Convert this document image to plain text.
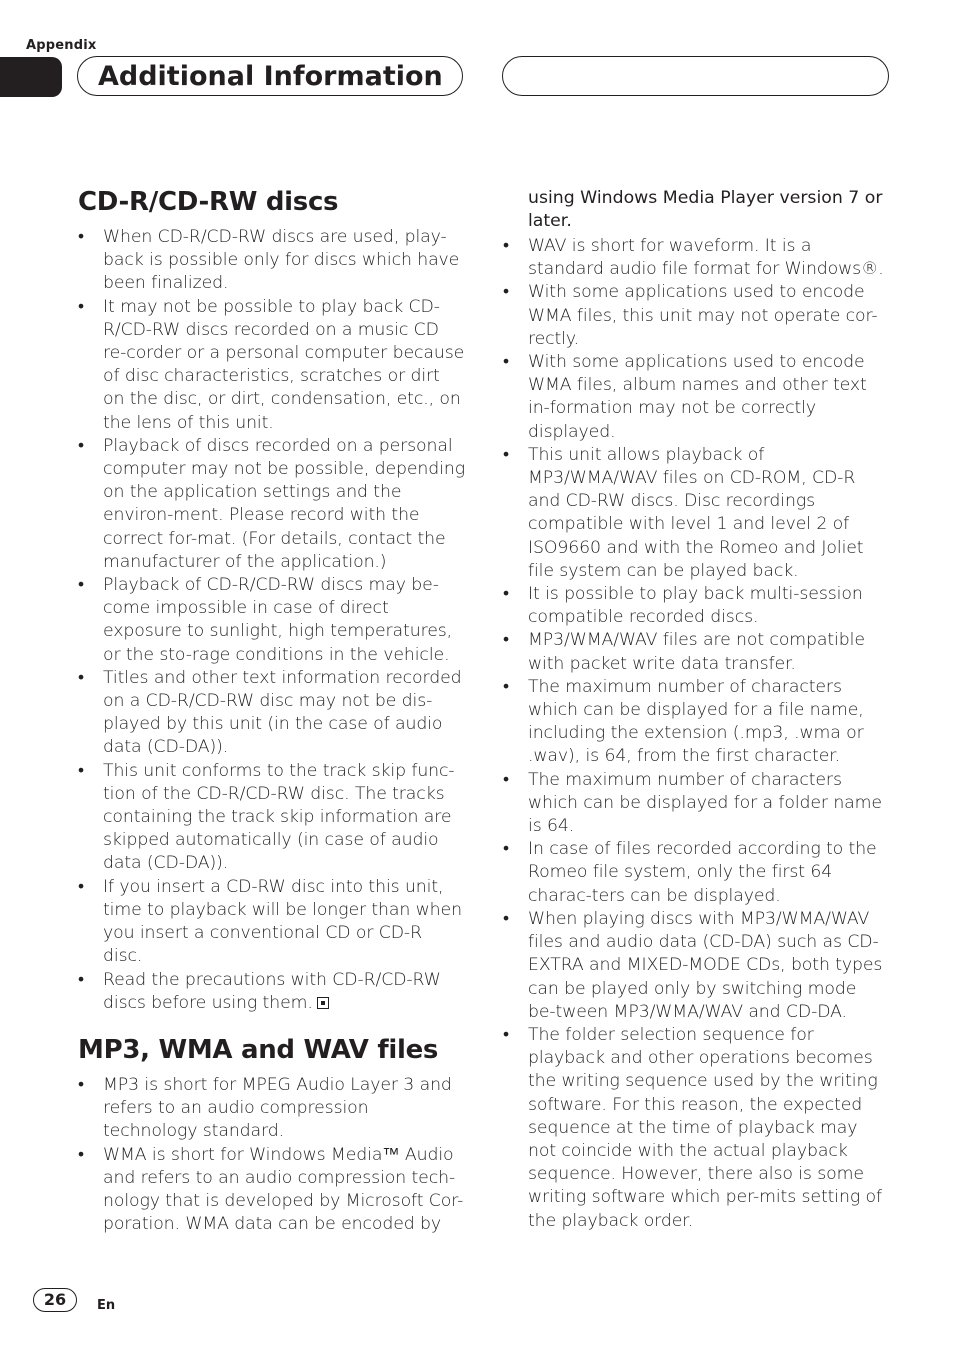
Appendix
Additional Information
CD-R/CD-RW discs
• When CD-R/CD-RW discs are used, play-back is possible only for discs which have been finalized.
• It may not be possible to play back CD-R/CD-RW discs recorded on a music CD re-corder or a personal computer because of disc characteristics, scratches or dirt on the disc, or dirt, condensation, etc., on the lens of this unit.
• Playback of discs recorded on a personal computer may not be possible, depending on the application settings and the environ-ment. Please record with the correct for-mat. (For details, contact the manufacturer of the application.)
• Playback of CD-R/CD-RW discs may be-come impossible in case of direct exposure to sunlight, high temperatures, or the sto-rage conditions in the vehicle.
• Titles and other text information recorded on a CD-R/CD-RW disc may not be dis-played by this unit (in the case of audio data (CD-DA)).
• This unit conforms to the track skip func-tion of the CD-R/CD-RW disc. The tracks containing the track skip information are skipped automatically (in case of audio data (CD-DA)).
• If you insert a CD-RW disc into this unit, time to playback will be longer than when you insert a conventional CD or CD-R disc.
• Read the precautions with CD-R/CD-RW discs before using them.
MP3, WMA and WAV files
• MP3 is short for MPEG Audio Layer 3 and refers to an audio compression technology standard.
• WMA is short for Windows Media™ Audio and refers to an audio compression tech-nology that is developed by Microsoft Cor-poration. WMA data can be encoded by
using Windows Media Player version 7 or later.
• WAV is short for waveform. It is a standard audio file format for Windows®.
• With some applications used to encode WMA files, this unit may not operate cor-rectly.
• With some applications used to encode WMA files, album names and other text in-formation may not be correctly displayed.
• This unit allows playback of MP3/WMA/WAV files on CD-ROM, CD-R and CD-RW discs. Disc recordings compatible with level 1 and level 2 of ISO9660 and with the Romeo and Joliet file system can be played back.
• It is possible to play back multi-session compatible recorded discs.
• MP3/WMA/WAV files are not compatible with packet write data transfer.
• The maximum number of characters which can be displayed for a file name, including the extension (.mp3, .wma or .wav), is 64, from the first character.
• The maximum number of characters which can be displayed for a folder name is 64.
• In case of files recorded according to the Romeo file system, only the first 64 charac-ters can be displayed.
• When playing discs with MP3/WMA/WAV files and audio data (CD-DA) such as CD-EXTRA and MIXED-MODE CDs, both types can be played only by switching mode be-tween MP3/WMA/WAV and CD-DA.
• The folder selection sequence for playback and other operations becomes the writing sequence used by the writing software. For this reason, the expected sequence at the time of playback may not coincide with the actual playback sequence. However, there also is some writing software which per-mits setting of the playback order.
26	En
